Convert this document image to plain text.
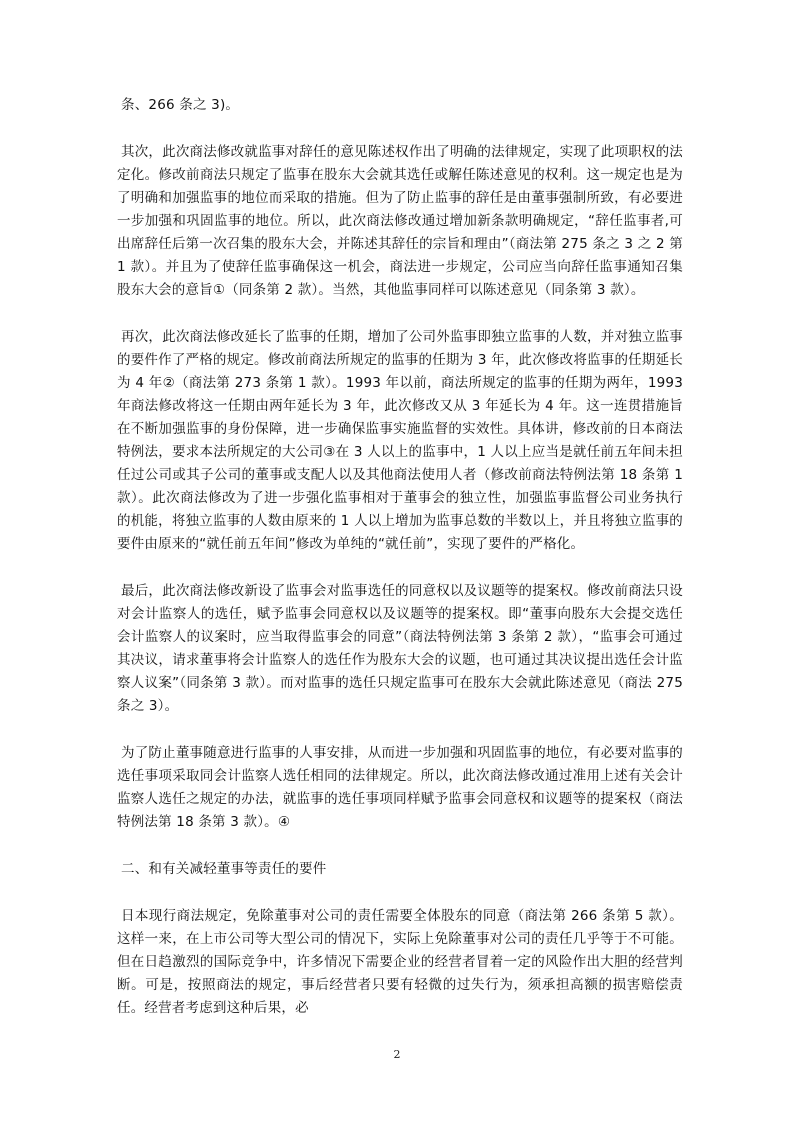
条、266 条之 3)。

其次，此次商法修改就监事对辞任的意见陈述权作出了明确的法律规定，实现了此项职权的法定化。修改前商法只规定了监事在股东大会就其选任或解任陈述意见的权利。这一规定也是为了明确和加强监事的地位而采取的措施。但为了防止监事的辞任是由董事强制所致，有必要进一步加强和巩固监事的地位。所以，此次商法修改通过增加新条款明确规定，“辞任监事者,可出席辞任后第一次召集的股东大会，并陈述其辞任的宗旨和理由”（商法第 275 条之 3 之 2 第 1 款）。并且为了使辞任监事确保这一机会，商法进一步规定，公司应当向辞任监事通知召集股东大会的意旨①（同条第 2 款）。当然，其他监事同样可以陈述意见（同条第 3 款）。

再次，此次商法修改延长了监事的任期，增加了公司外监事即独立监事的人数，并对独立监事的要件作了严格的规定。修改前商法所规定的监事的任期为 3 年，此次修改将监事的任期延长为 4 年②（商法第 273 条第 1 款）。1993 年以前，商法所规定的监事的任期为两年，1993 年商法修改将这一任期由两年延长为 3 年，此次修改又从 3 年延长为 4 年。这一连贯措施旨在不断加强监事的身份保障，进一步确保监事实施监督的实效性。具体讲，修改前的日本商法特例法，要求本法所规定的大公司③在 3 人以上的监事中，1 人以上应当是就任前五年间未担任过公司或其子公司的董事或支配人以及其他商法使用人者（修改前商法特例法第 18 条第 1 款）。此次商法修改为了进一步强化监事相对于董事会的独立性，加强监事监督公司业务执行的机能，将独立监事的人数由原来的 1 人以上增加为监事总数的半数以上，并且将独立监事的要件由原来的“就任前五年间”修改为单纯的“就任前”，实现了要件的严格化。

最后，此次商法修改新设了监事会对监事选任的同意权以及议题等的提案权。修改前商法只设对会计监察人的选任，赋予监事会同意权以及议题等的提案权。即“董事向股东大会提交选任会计监察人的议案时，应当取得监事会的同意”（商法特例法第 3 条第 2 款），“监事会可通过其决议，请求董事将会计监察人的选任作为股东大会的议题，也可通过其决议提出选任会计监察人议案”（同条第 3 款）。而对监事的选任只规定监事可在股东大会就此陈述意见（商法 275 条之 3）。

为了防止董事随意进行监事的人事安排，从而进一步加强和巩固监事的地位，有必要对监事的选任事项采取同会计监察人选任相同的法律规定。所以，此次商法修改通过准用上述有关会计监察人选任之规定的办法，就监事的选任事项同样赋予监事会同意权和议题等的提案权（商法特例法第 18 条第 3 款）。④

二、和有关减轻董事等责任的要件

日本现行商法规定，免除董事对公司的责任需要全体股东的同意（商法第 266 条第 5 款）。这样一来，在上市公司等大型公司的情况下，实际上免除董事对公司的责任几乎等于不可能。但在日趋激烈的国际竞争中，许多情况下需要企业的经营者冒着一定的风险作出大胆的经营判断。可是，按照商法的规定，事后经营者只要有轻微的过失行为，须承担高额的损害赔偿责任。经营者考虑到这种后果，必

2
